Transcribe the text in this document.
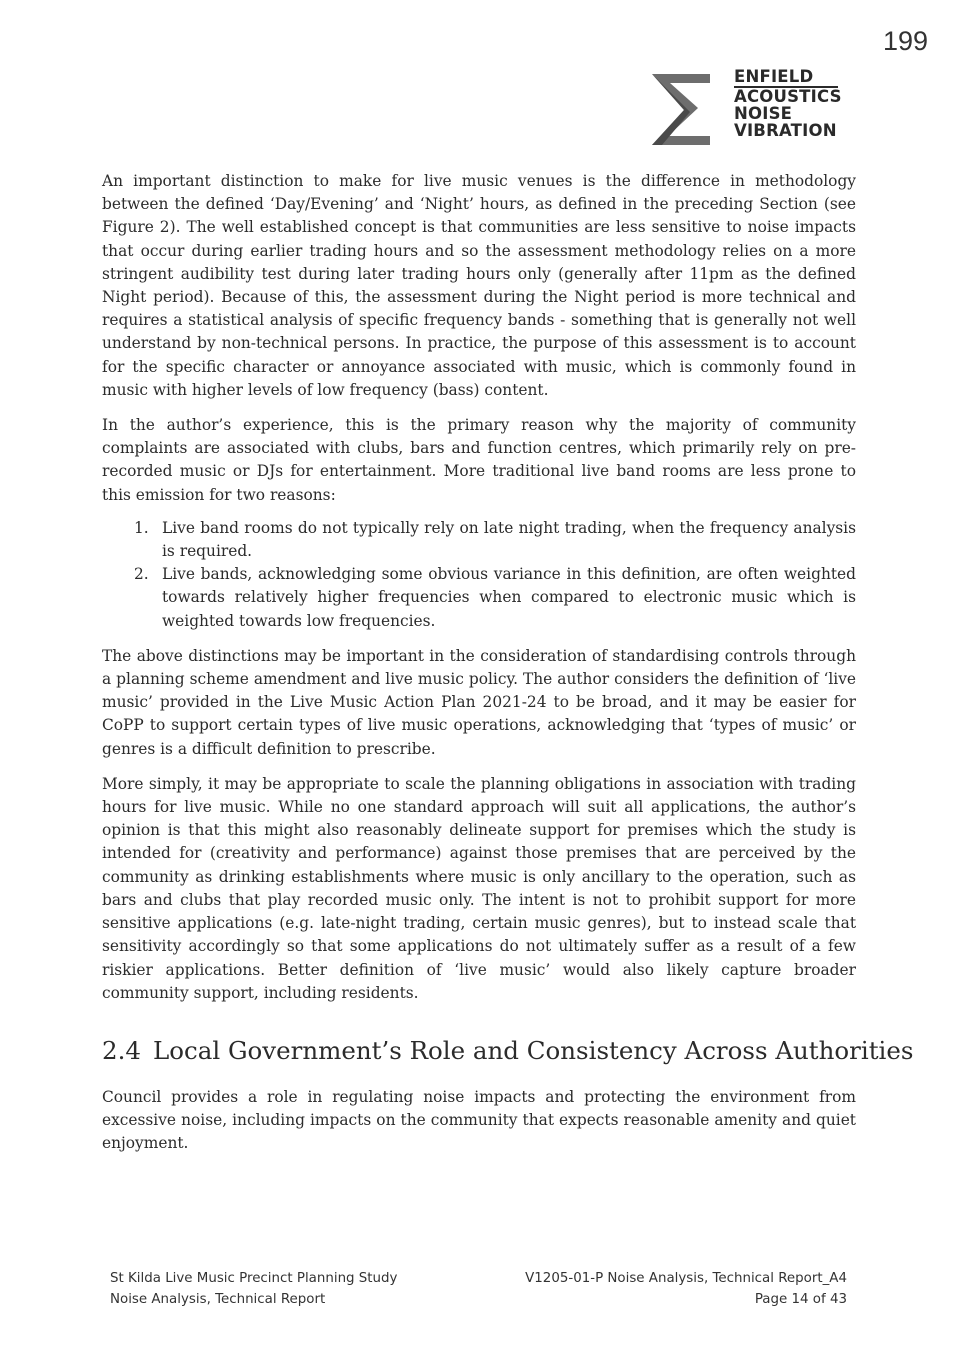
199
ENFIELD
ACOUSTICS
NOISE
VIBRATION

An important distinction to make for live music venues is the difference in methodology between the defined ‘Day/Evening’ and ‘Night’ hours, as defined in the preceding Section (see Figure 2). The well established concept is that communities are less sensitive to noise impacts that occur during earlier trading hours and so the assessment methodology relies on a more stringent audibility test during later trading hours only (generally after 11pm as the defined Night period). Because of this, the assessment during the Night period is more technical and requires a statistical analysis of specific frequency bands - something that is generally not well understand by non-technical persons. In practice, the purpose of this assessment is to account for the specific character or annoyance associated with music, which is commonly found in music with higher levels of low frequency (bass) content.

In the author’s experience, this is the primary reason why the majority of community complaints are associated with clubs, bars and function centres, which primarily rely on pre-recorded music or DJs for entertainment. More traditional live band rooms are less prone to this emission for two reasons:

1. Live band rooms do not typically rely on late night trading, when the frequency analysis is required.
2. Live bands, acknowledging some obvious variance in this definition, are often weighted towards relatively higher frequencies when compared to electronic music which is weighted towards low frequencies.

The above distinctions may be important in the consideration of standardising controls through a planning scheme amendment and live music policy. The author considers the definition of ‘live music’ provided in the Live Music Action Plan 2021-24 to be broad, and it may be easier for CoPP to support certain types of live music operations, acknowledging that ‘types of music’ or genres is a difficult definition to prescribe.

More simply, it may be appropriate to scale the planning obligations in association with trading hours for live music. While no one standard approach will suit all applications, the author’s opinion is that this might also reasonably delineate support for premises which the study is intended for (creativity and performance) against those premises that are perceived by the community as drinking establishments where music is only ancillary to the operation, such as bars and clubs that play recorded music only. The intent is not to prohibit support for more sensitive applications (e.g. late-night trading, certain music genres), but to instead scale that sensitivity accordingly so that some applications do not ultimately suffer as a result of a few riskier applications. Better definition of ‘live music’ would also likely capture broader community support, including residents.

2.4 Local Government’s Role and Consistency Across Authorities

Council provides a role in regulating noise impacts and protecting the environment from excessive noise, including impacts on the community that expects reasonable amenity and quiet enjoyment.

St Kilda Live Music Precinct Planning Study
Noise Analysis, Technical Report
V1205-01-P Noise Analysis, Technical Report_A4
Page 14 of 43
